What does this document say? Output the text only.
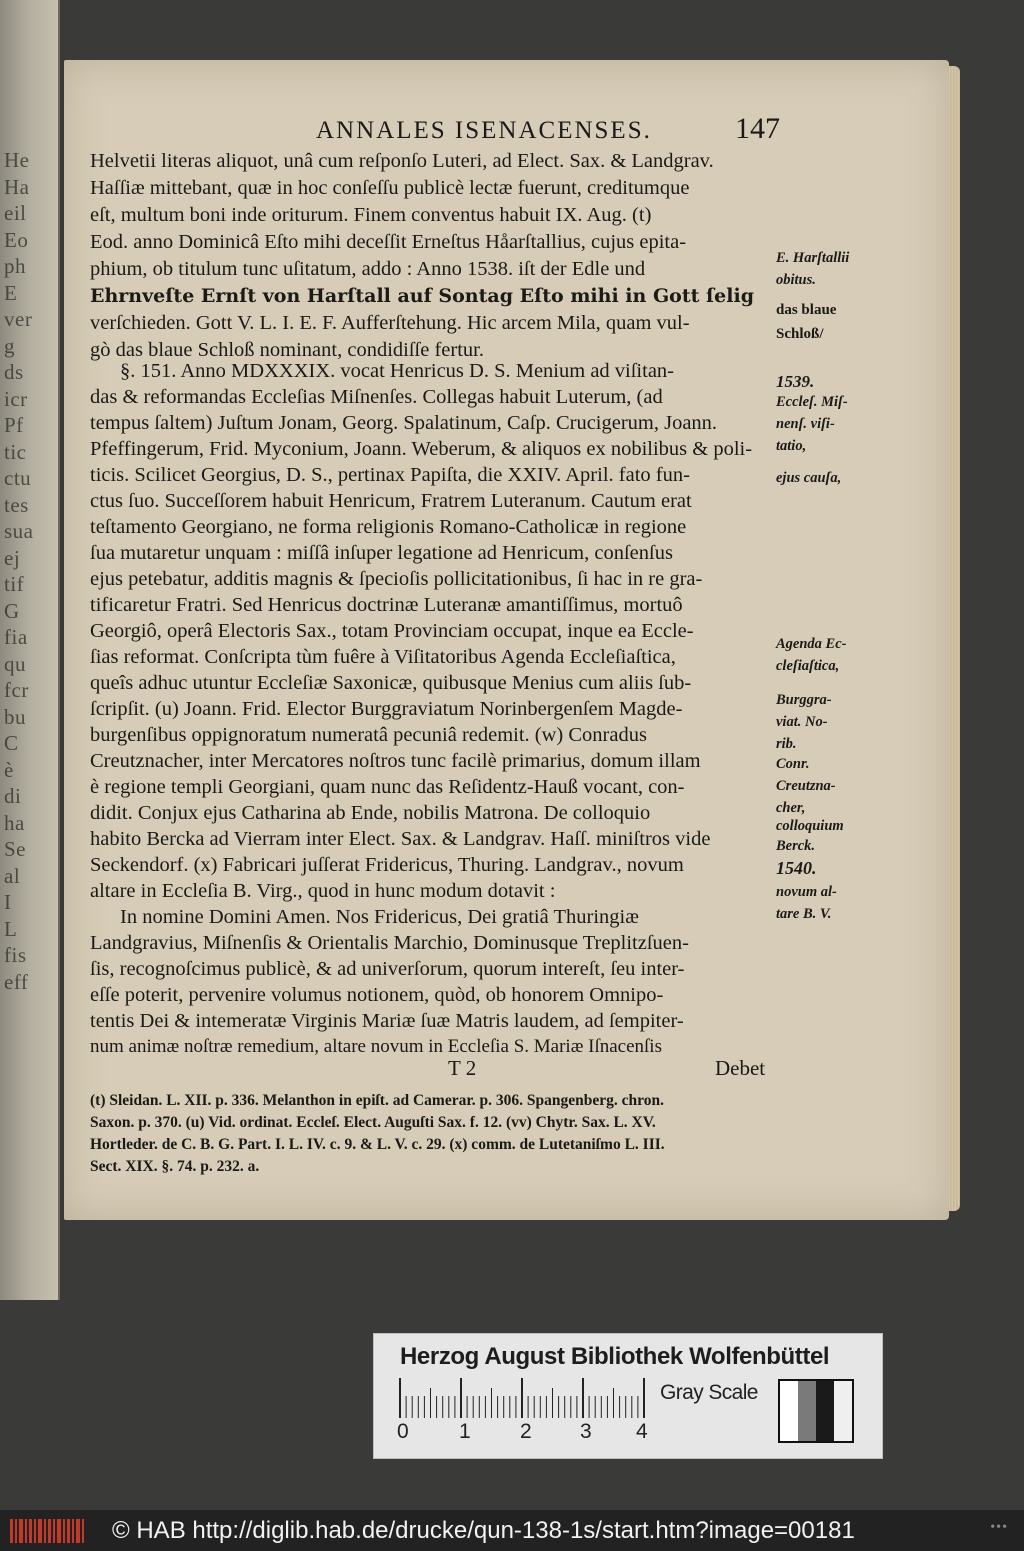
He
Ha
eil
Eo
ph
E
ver
g
ds
icr
Pf
tic
ctu
tes
sua
ej
tif
G
fia
qu
fcr
bu
C
è
di
ha
Se
al
I
L
fis
eff
ANNALES ISENACENSES.	147
Helvetii literas aliquot, unâ cum reſponſo Luteri, ad Elect. Sax. & Landgrav.
Haſſiæ mittebant, quæ in hoc conſeſſu publicè lectæ fuerunt, creditumque
eſt, multum boni inde oriturum. Finem conventus habuit IX. Aug. (t)
Eod. anno Dominicâ Eſto mihi deceſſit Erneſtus Håarſtallius, cujus epita-
phium, ob titulum tunc uſitatum, addo : Anno 1538. iſt der Edle und
Ehrnveſte Ernſt von Harſtall auf Sontag Eſto mihi in Gott ſelig
verſchieden. Gott V. L. I. E. F. Aufferſtehung. Hic arcem Mila, quam vul-
gò das blaue Schloß nominant, condidiſſe fertur.
§. 151. Anno MDXXXIX. vocat Henricus D. S. Menium ad viſitan-
das & reformandas Eccleſias Miſnenſes. Collegas habuit Luterum, (ad
tempus ſaltem) Juſtum Jonam, Georg. Spalatinum, Caſp. Crucigerum, Joann.
Pfeffingerum, Frid. Myconium, Joann. Weberum, & aliquos ex nobilibus & poli-
ticis. Scilicet Georgius, D. S., pertinax Papiſta, die XXIV. April. fato fun-
ctus ſuo. Succeſſorem habuit Henricum, Fratrem Luteranum. Cautum erat
teſtamento Georgiano, ne forma religionis Romano-Catholicæ in regione
ſua mutaretur unquam : miſſâ inſuper legatione ad Henricum, conſenſus
ejus petebatur, additis magnis & ſpecioſis pollicitationibus, ſi hac in re gra-
tificaretur Fratri. Sed Henricus doctrinæ Luteranæ amantiſſimus, mortuô
Georgiô, operâ Electoris Sax., totam Provinciam occupat, inque ea Eccle-
ſias reformat. Conſcripta tùm fuêre à Viſitatoribus Agenda Eccleſiaſtica,
queîs adhuc utuntur Eccleſiæ Saxonicæ, quibusque Menius cum aliis ſub-
ſcripſit. (u) Joann. Frid. Elector Burggraviatum Norinbergenſem Magde-
burgenſibus oppignoratum numeratâ pecuniâ redemit. (w) Conradus
Creutznacher, inter Mercatores noſtros tunc facilè primarius, domum illam
è regione templi Georgiani, quam nunc das Reſidentz-Hauß vocant, con-
didit. Conjux ejus Catharina ab Ende, nobilis Matrona. De colloquio
habito Bercka ad Vierram inter Elect. Sax. & Landgrav. Haſſ. miniſtros vide
Seckendorf. (x) Fabricari juſſerat Fridericus, Thuring. Landgrav., novum
altare in Eccleſia B. Virg., quod in hunc modum dotavit :
In nomine Domini Amen. Nos Fridericus, Dei gratiâ Thuringiæ
Landgravius, Miſnenſis & Orientalis Marchio, Dominusque Treplitzſuen-
ſis, recognoſcimus publicè, & ad univerſorum, quorum intereſt, ſeu inter-
eſſe poterit, pervenire volumus notionem, quòd, ob honorem Omnipo-
tentis Dei & intemeratæ Virginis Mariæ ſuæ Matris laudem, ad ſempiter-
num animæ noſtræ remedium, altare novum in Eccleſia S. Mariæ Iſnacenſis
T 2	Debet
(t) Sleidan. L. XII. p. 336. Melanthon in epiſt. ad Camerar. p. 306. Spangenberg. chron.
Saxon. p. 370. (u) Vid. ordinat. Eccleſ. Elect. Auguſti Sax. f. 12. (vv) Chytr. Sax. L. XV.
Hortleder. de C. B. G. Part. I. L. IV. c. 9. & L. V. c. 29. (x) comm. de Lutetaniſmo L. III.
Sect. XIX. §. 74. p. 232. a.
E. Harſtallii
obitus.
das blaue
Schloß/
1539.
Eccleſ. Miſ-
nenſ. viſi-
tatio,
ejus cauſa,
Agenda Ec-
cleſiaſtica,
Burggra-
viat. No-
rib.
Conr.
Creutzna-
cher,
colloquium
Berck.
1540.
novum al-
tare B. V.
Herzog August Bibliothek Wolfenbüttel
0 1 2 3 4
Gray Scale
© HAB http://diglib.hab.de/drucke/qun-138-1s/start.htm?image=00181	•••
